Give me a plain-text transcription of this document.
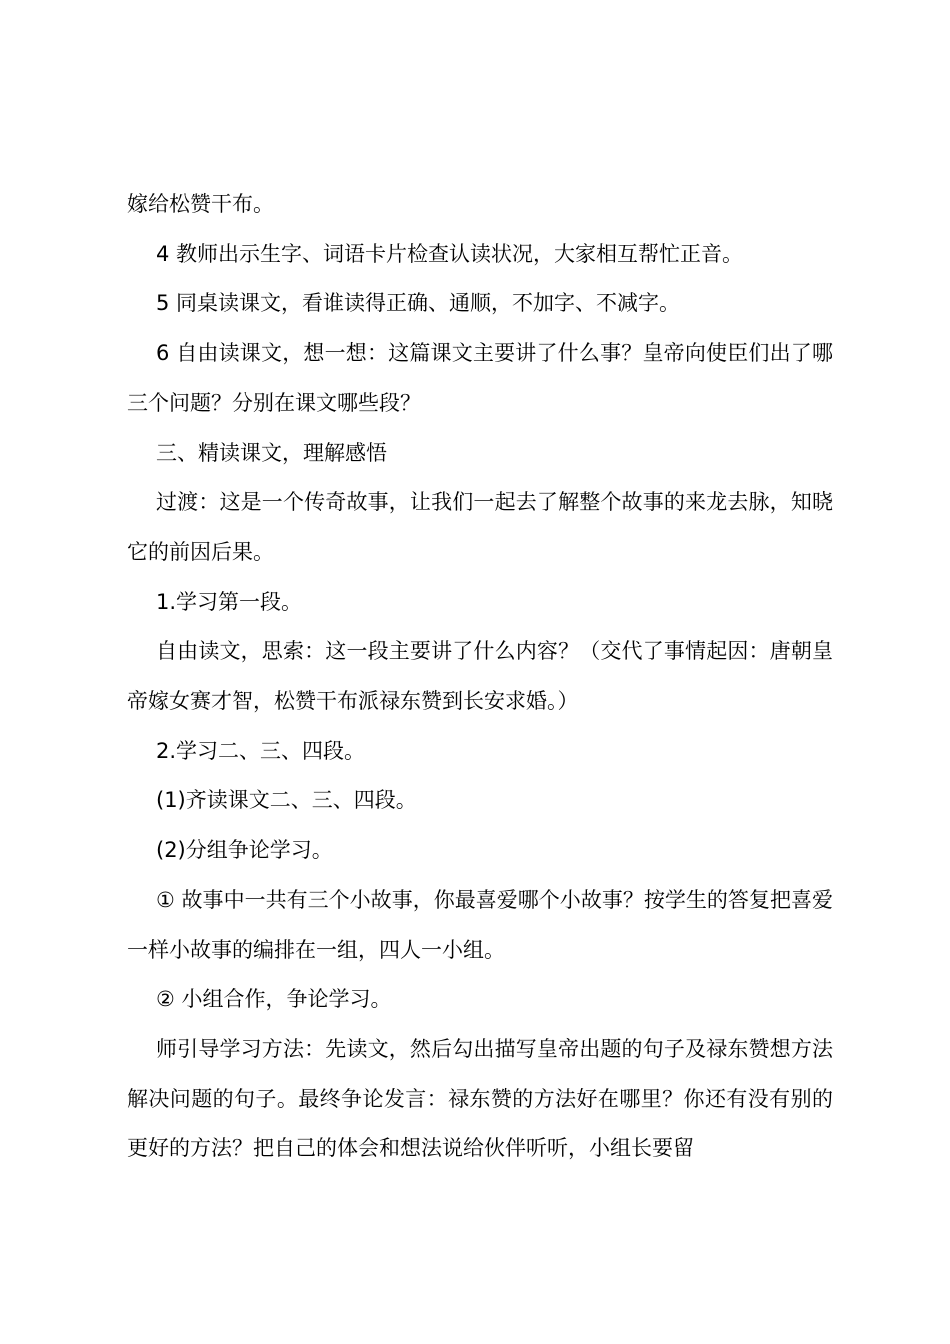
嫁给松赞干布。

4 教师出示生字、词语卡片检查认读状况，大家相互帮忙正音。

5 同桌读课文，看谁读得正确、通顺，不加字、不减字。

6 自由读课文，想一想：这篇课文主要讲了什么事？皇帝向使臣们出了哪三个问题？分别在课文哪些段？

三、精读课文，理解感悟

过渡：这是一个传奇故事，让我们一起去了解整个故事的来龙去脉，知晓它的前因后果。

1.学习第一段。

自由读文，思索：这一段主要讲了什么内容？（交代了事情起因：唐朝皇帝嫁女赛才智，松赞干布派禄东赞到长安求婚。）

2.学习二、三、四段。

(1)齐读课文二、三、四段。

(2)分组争论学习。

① 故事中一共有三个小故事，你最喜爱哪个小故事？按学生的答复把喜爱一样小故事的编排在一组，四人一小组。

② 小组合作，争论学习。

师引导学习方法：先读文，然后勾出描写皇帝出题的句子及禄东赞想方法解决问题的句子。最终争论发言：禄东赞的方法好在哪里？你还有没有别的更好的方法？把自己的体会和想法说给伙伴听听，小组长要留
